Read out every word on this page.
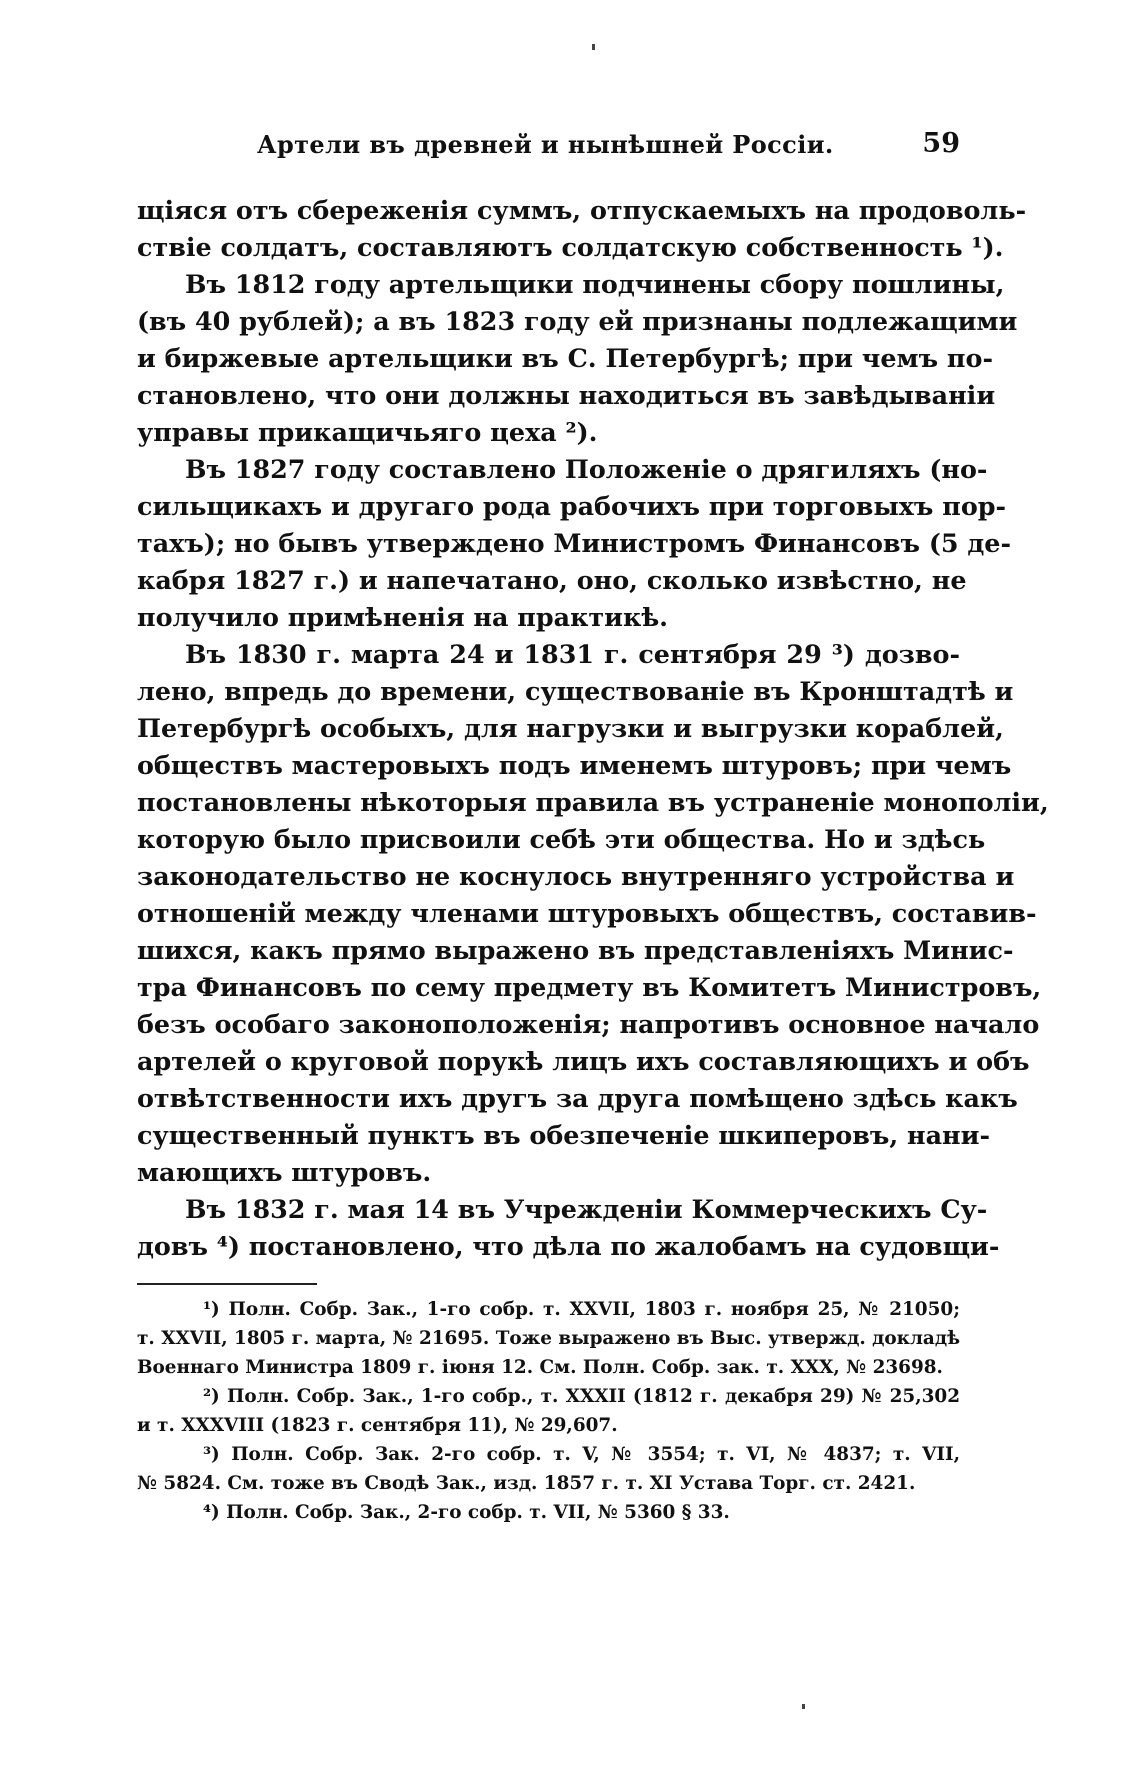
Артели въ древней и нынѣшней Россіи.	59
щіяся отъ сбереженія суммъ, отпускаемыхъ на продоволь-
ствіе солдатъ, составляютъ солдатскую собственность ¹).
Въ 1812 году артельщики подчинены сбору пошлины,
(въ 40 рублей); а въ 1823 году ей признаны подлежащими
и биржевые артельщики въ С. Петербургѣ; при чемъ по-
становлено, что они должны находиться въ завѣдываніи
управы прикащичьяго цеха ²).
Въ 1827 году составлено Положеніе о дрягиляхъ (но-
сильщикахъ и другаго рода рабочихъ при торговыхъ пор-
тахъ); но бывъ утверждено Министромъ Финансовъ (5 де-
кабря 1827 г.) и напечатано, оно, сколько извѣстно, не
получило примѣненія на практикѣ.
Въ 1830 г. марта 24 и 1831 г. сентября 29 ³) дозво-
лено, впредь до времени, существованіе въ Кронштадтѣ и
Петербургѣ особыхъ, для нагрузки и выгрузки кораблей,
обществъ мастеровыхъ подъ именемъ штуровъ; при чемъ
постановлены нѣкоторыя правила въ устраненіе монополіи,
которую было присвоили себѣ эти общества. Но и здѣсь
законодательство не коснулось внутренняго устройства и
отношеній между членами штуровыхъ обществъ, составив-
шихся, какъ прямо выражено въ представленіяхъ Минис-
тра Финансовъ по сему предмету въ Комитетъ Министровъ,
безъ особаго законоположенія; напротивъ основное начало
артелей о круговой порукѣ лицъ ихъ составляющихъ и объ
отвѣтственности ихъ другъ за друга помѣщено здѣсь какъ
существенный пунктъ въ обезпеченіе шкиперовъ, нани-
мающихъ штуровъ.
Въ 1832 г. мая 14 въ Учрежденіи Коммерческихъ Су-
довъ ⁴) постановлено, что дѣла по жалобамъ на судовщи-
¹) Полн. Собр. Зак., 1-го собр. т. XXVII, 1803 г. ноября 25, № 21050;
т. XXVII, 1805 г. марта, № 21695. Тоже выражено въ Выс. утвержд. докладѣ
Военнаго Министра 1809 г. іюня 12. См. Полн. Собр. зак. т. XXX, № 23698.
²) Полн. Собр. Зак., 1-го собр., т. XXXII (1812 г. декабря 29) № 25,302
и т. XXXVIII (1823 г. сентября 11), № 29,607.
³) Полн. Собр. Зак. 2-го собр. т. V, № 3554; т. VI, № 4837; т. VII,
№ 5824. См. тоже въ Сводѣ Зак., изд. 1857 г. т. XI Устава Торг. ст. 2421.
⁴) Полн. Собр. Зак., 2-го собр. т. VII, № 5360 § 33.
